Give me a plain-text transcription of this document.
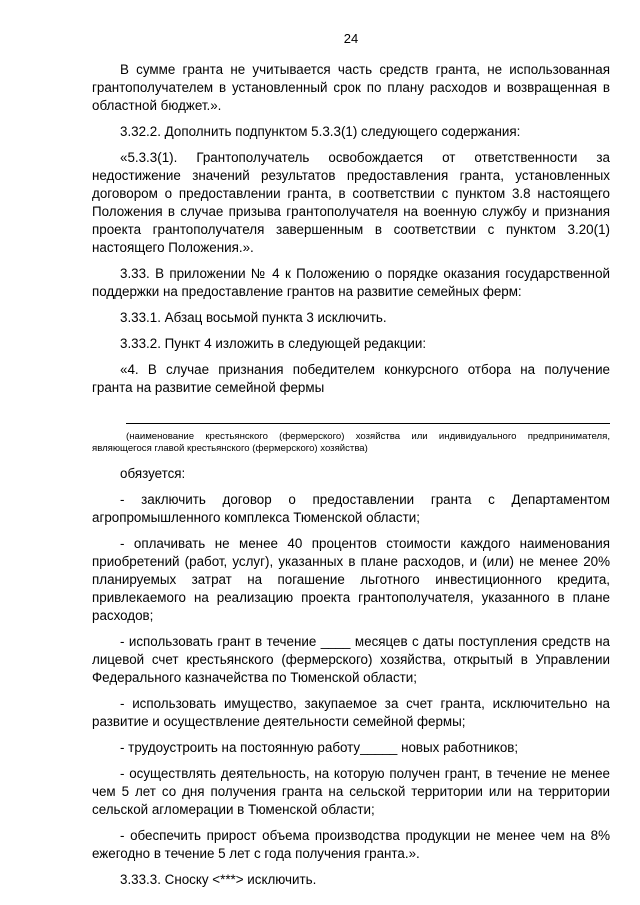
24

В сумме гранта не учитывается часть средств гранта, не использованная грантополучателем в установленный срок по плану расходов и возвращенная в областной бюджет.».

3.32.2. Дополнить подпунктом 5.3.3(1) следующего содержания:

«5.3.3(1). Грантополучатель освобождается от ответственности за недостижение значений результатов предоставления гранта, установленных договором о предоставлении гранта, в соответствии с пунктом 3.8 настоящего Положения в случае призыва грантополучателя на военную службу и признания проекта грантополучателя завершенным в соответствии с пунктом 3.20(1) настоящего Положения.».

3.33. В приложении № 4 к Положению о порядке оказания государственной поддержки на предоставление грантов на развитие семейных ферм:

3.33.1. Абзац восьмой пункта 3 исключить.

3.33.2. Пункт 4 изложить в следующей редакции:

«4. В случае признания победителем конкурсного отбора на получение гранта на развитие семейной фермы

(наименование крестьянского (фермерского) хозяйства или индивидуального предпринимателя, являющегося главой крестьянского (фермерского) хозяйства)

обязуется:

- заключить договор о предоставлении гранта с Департаментом агропромышленного комплекса Тюменской области;

- оплачивать не менее 40 процентов стоимости каждого наименования приобретений (работ, услуг), указанных в плане расходов, и (или) не менее 20% планируемых затрат на погашение льготного инвестиционного кредита, привлекаемого на реализацию проекта грантополучателя, указанного в плане расходов;

- использовать грант в течение ____ месяцев с даты поступления средств на лицевой счет крестьянского (фермерского) хозяйства, открытый в Управлении Федерального казначейства по Тюменской области;

- использовать имущество, закупаемое за счет гранта, исключительно на развитие и осуществление деятельности семейной фермы;

- трудоустроить на постоянную работу_____ новых работников;

- осуществлять деятельность, на которую получен грант, в течение не менее чем 5 лет со дня получения гранта на сельской территории или на территории сельской агломерации в Тюменской области;

- обеспечить прирост объема производства продукции не менее чем на 8% ежегодно в течение 5 лет с года получения гранта.».

3.33.3. Сноску <***> исключить.
